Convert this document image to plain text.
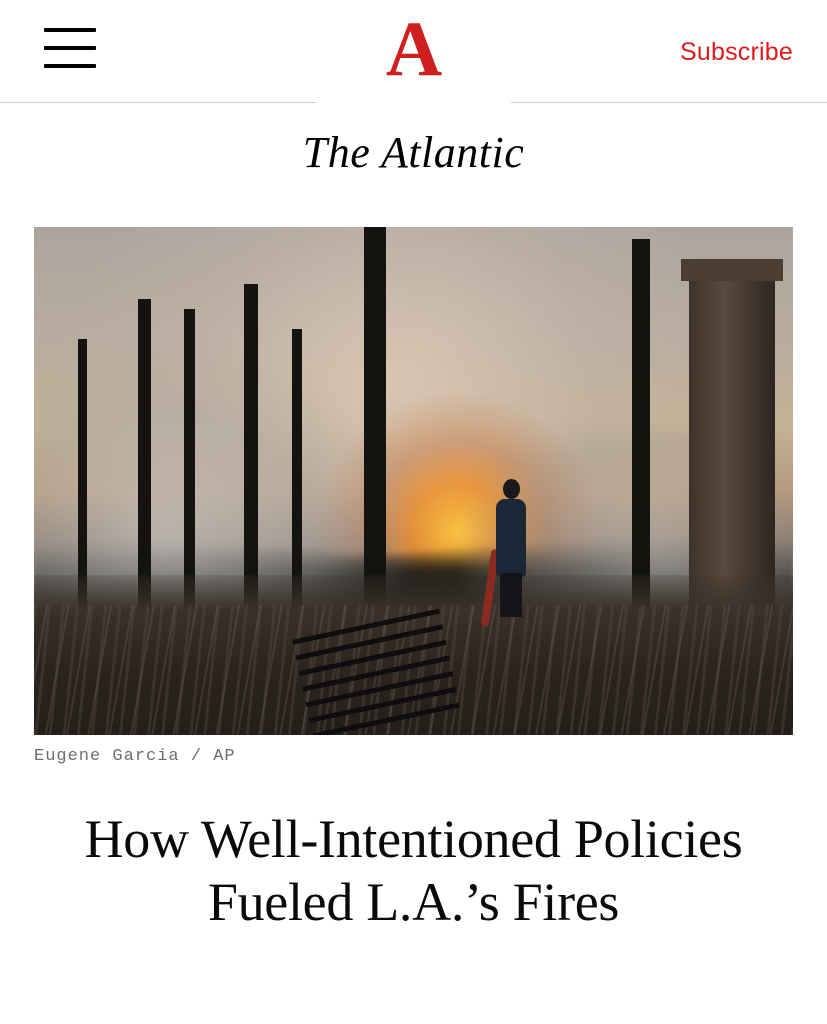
A	Subscribe
The Atlantic
Eugene Garcia / AP
How Well-Intentioned Policies Fueled L.A.’s Fires
